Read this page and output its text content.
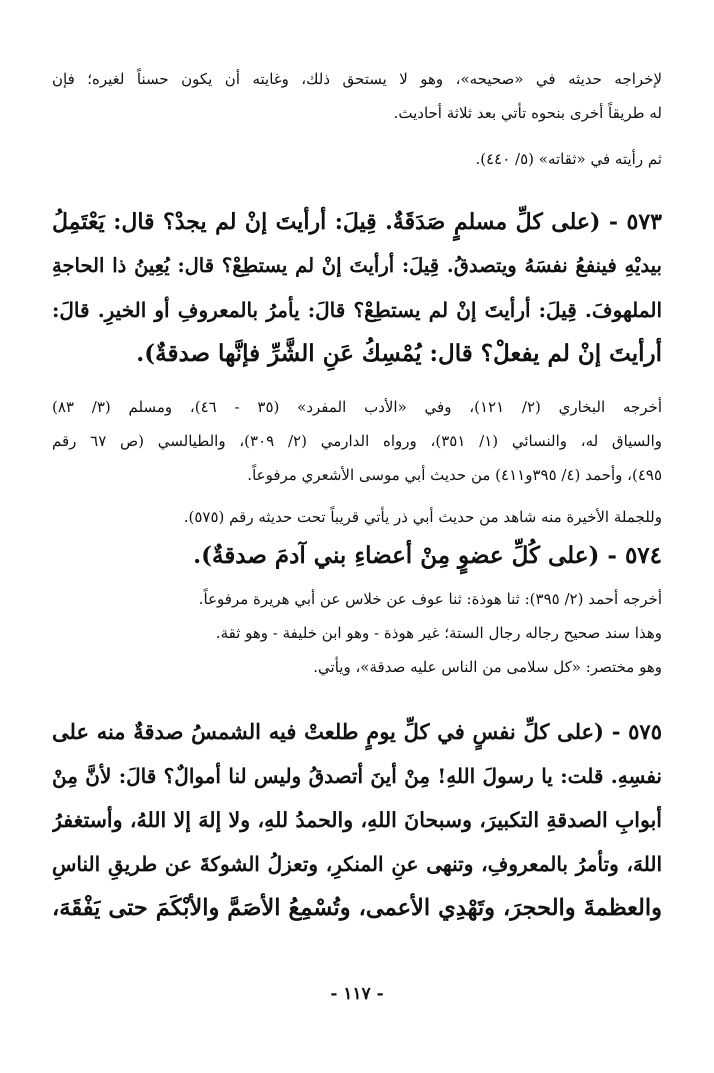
لإخراجه حديثه في «صحيحه»، وهو لا يستحق ذلك، وغايته أن يكون حسناً لغيره؛ فإن
له طريقاً أخرى بنحوه تأتي بعد ثلاثة أحاديث.
ثم رأيته في «ثقاته» (٥/ ٤٤٠).
٥٧٣ - (على كلِّ مسلمٍ صَدَقَةٌ. قِيلَ: أرأيتَ إنْ لم يجدْ؟ قال: يَعْتَمِلُ
بيديْهِ فينفعُ نفسَهُ ويتصدقُ. قِيلَ: أرأيتَ إنْ لم يستطِعْ؟ قال: يُعِينُ ذا الحاجةِ
الملهوفَ. قِيلَ: أرأيتَ إنْ لم يستطِعْ؟ قالَ: يأمرُ بالمعروفِ أو الخيرِ. قالَ:
أرأيتَ إنْ لم يفعلْ؟ قال: يُمْسِكُ عَنِ الشَّرِّ فإنَّها صدقةٌ).
أخرجه البخاري (٢/ ١٢١)، وفي «الأدب المفرد» (٣٥ - ٤٦)، ومسلم (٣/ ٨٣)
والسياق له، والنسائي (١/ ٣٥١)، ورواه الدارمي (٢/ ٣٠٩)، والطيالسي (ص ٦٧ رقم
٤٩٥)، وأحمد (٤/ ٣٩٥و٤١١) من حديث أبي موسى الأشعري مرفوعاً.
وللجملة الأخيرة منه شاهد من حديث أبي ذر يأتي قريباً تحت حديثه رقم (٥٧٥).
٥٧٤ - (على كُلِّ عضوٍ مِنْ أعضاءِ بني آدمَ صدقةٌ).
أخرجه أحمد (٢/ ٣٩٥): ثنا هوذة: ثنا عوف عن خلاس عن أبي هريرة مرفوعاً.
وهذا سند صحيح رجاله رجال الستة؛ غير هوذة - وهو ابن خليفة - وهو ثقة.
وهو مختصر: «كل سلامى من الناس عليه صدقة»، ويأتي.
٥٧٥ - (على كلِّ نفسٍ في كلِّ يومٍ طلعتْ فيه الشمسُ صدقةٌ منه على
نفسِهِ. قلت: يا رسولَ اللهِ! مِنْ أينَ أتصدقُ وليس لنا أموالٌ؟ قالَ: لأنَّ مِنْ
أبوابِ الصدقةِ التكبيرَ، وسبحانَ اللهِ، والحمدُ للهِ، ولا إلهَ إلا اللهُ، وأستغفرُ
اللهَ، وتأمرُ بالمعروفِ، وتنهى عنِ المنكرِ، وتعزلُ الشوكةَ عن طريقِ الناسِ
والعظمةَ والحجرَ، وتَهْدِي الأعمى، وتُسْمِعُ الأصَمَّ والأبْكَمَ حتى يَفْقَهَ،
- ١١٧ -
